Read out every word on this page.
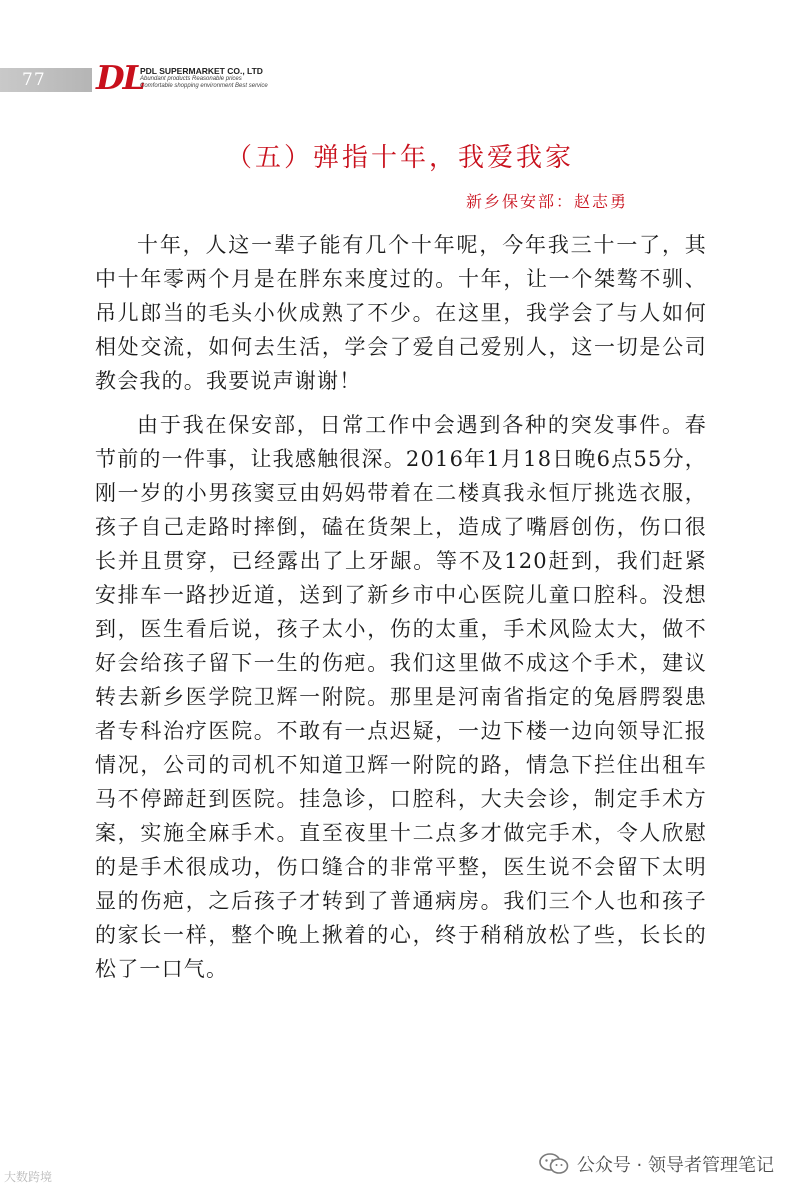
77 DL
PDL SUPERMARKET CO., LTD
Abundant products Reasonable prices
Comfortable shopping environment Best service
（五）弹指十年，我爱我家
新乡保安部：赵志勇

十年，人这一辈子能有几个十年呢，今年我三十一了，其中十年零两个月是在胖东来度过的。十年，让一个桀骜不驯、吊儿郎当的毛头小伙成熟了不少。在这里，我学会了与人如何相处交流，如何去生活，学会了爱自己爱别人，这一切是公司教会我的。我要说声谢谢！

由于我在保安部，日常工作中会遇到各种的突发事件。春节前的一件事，让我感触很深。2016年1月18日晚6点55分，刚一岁的小男孩窦豆由妈妈带着在二楼真我永恒厅挑选衣服，孩子自己走路时摔倒，磕在货架上，造成了嘴唇创伤，伤口很长并且贯穿，已经露出了上牙龈。等不及120赶到，我们赶紧安排车一路抄近道，送到了新乡市中心医院儿童口腔科。没想到，医生看后说，孩子太小，伤的太重，手术风险太大，做不好会给孩子留下一生的伤疤。我们这里做不成这个手术，建议转去新乡医学院卫辉一附院。那里是河南省指定的兔唇腭裂患者专科治疗医院。不敢有一点迟疑，一边下楼一边向领导汇报情况，公司的司机不知道卫辉一附院的路，情急下拦住出租车马不停蹄赶到医院。挂急诊，口腔科，大夫会诊，制定手术方案，实施全麻手术。直至夜里十二点多才做完手术，令人欣慰的是手术很成功，伤口缝合的非常平整，医生说不会留下太明显的伤疤，之后孩子才转到了普通病房。我们三个人也和孩子的家长一样，整个晚上揪着的心，终于稍稍放松了些，长长的松了一口气。

大数跨境
公众号 · 领导者管理笔记
